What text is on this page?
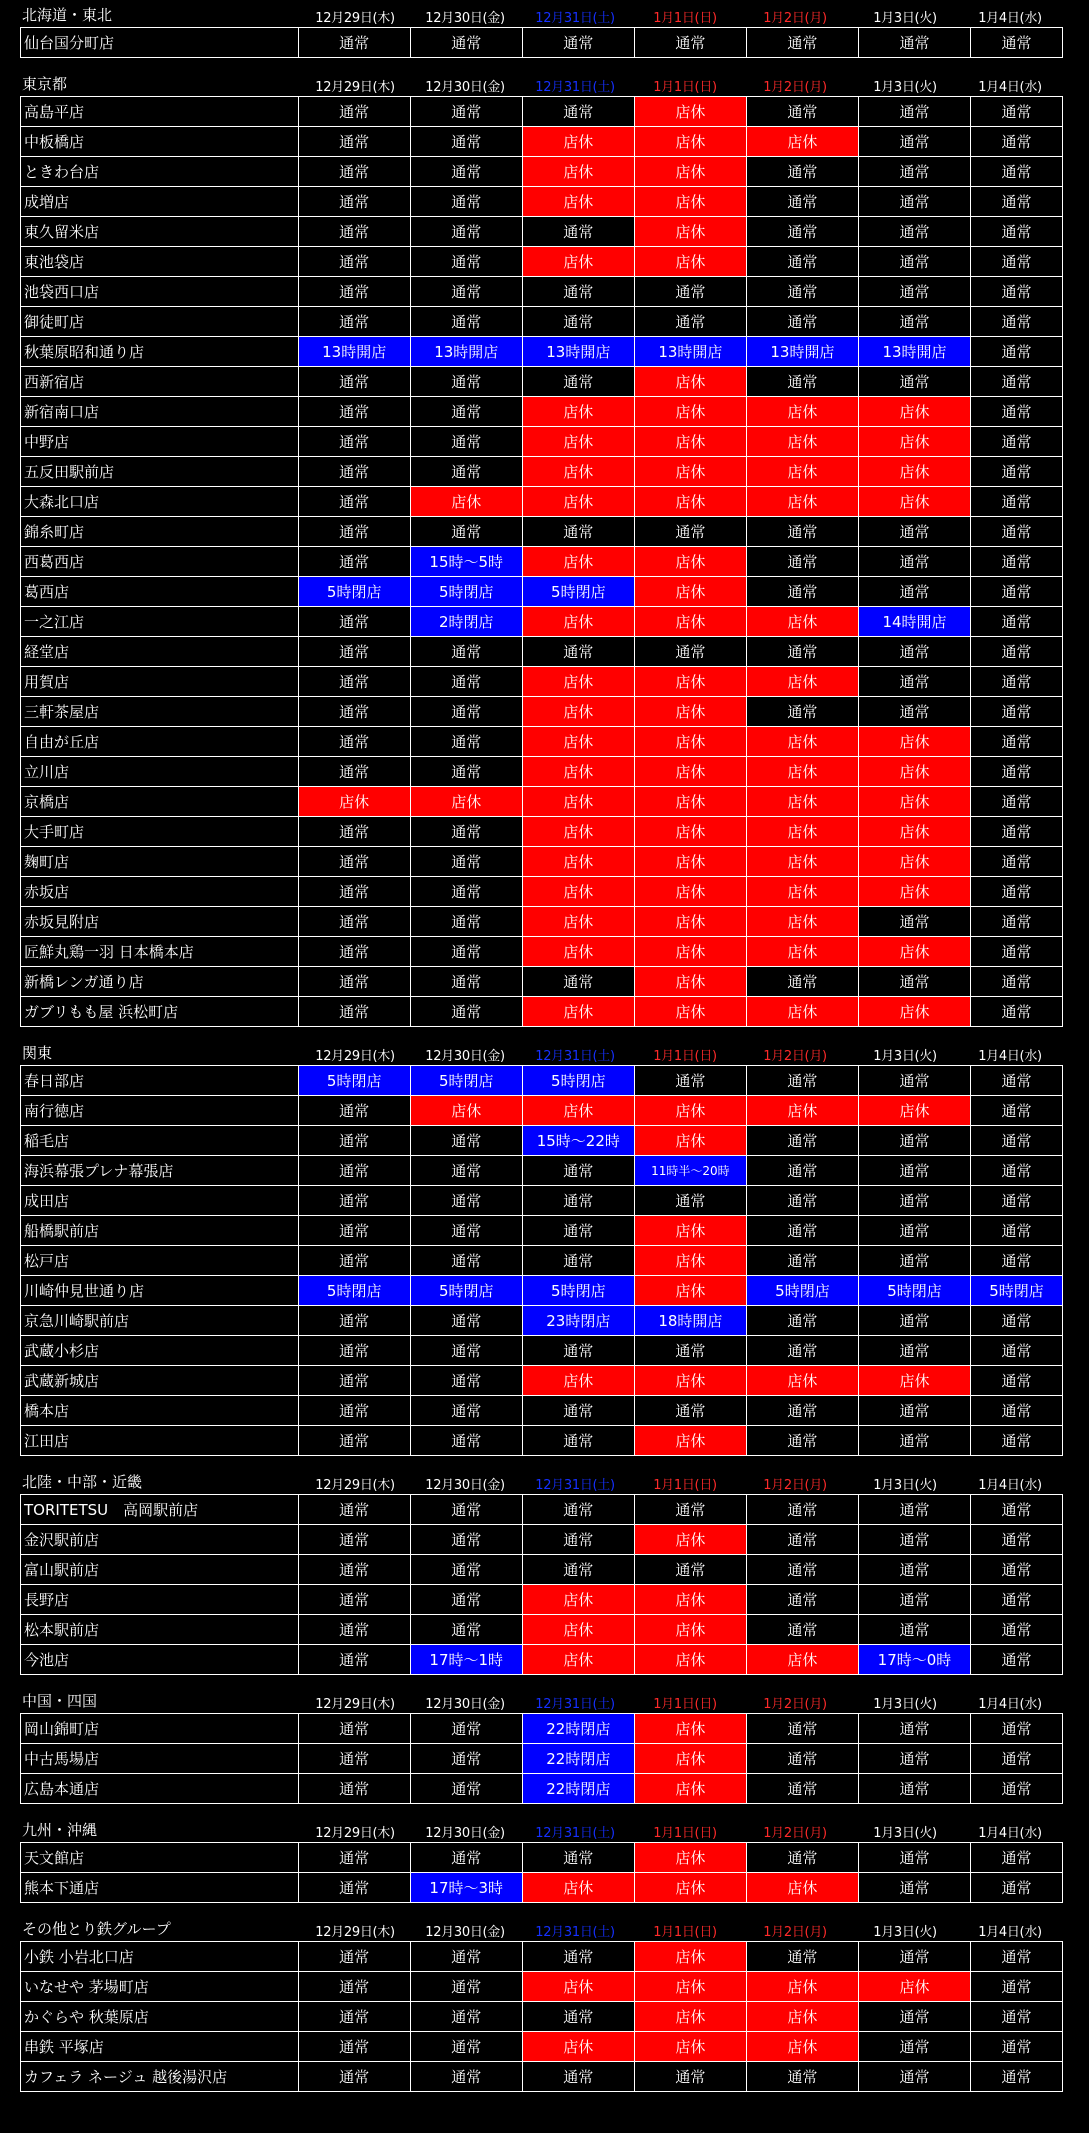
北海道・東北	12月29日(木)	12月30日(金)	12月31日(土)	1月1日(日)	1月2日(月)	1月3日(火)	1月4日(水)
仙台国分町店	通常	通常	通常	通常	通常	通常	通常
東京都	12月29日(木)	12月30日(金)	12月31日(土)	1月1日(日)	1月2日(月)	1月3日(火)	1月4日(水)
高島平店	通常	通常	通常	店休	通常	通常	通常
中板橋店	通常	通常	店休	店休	店休	通常	通常
ときわ台店	通常	通常	店休	店休	通常	通常	通常
成増店	通常	通常	店休	店休	通常	通常	通常
東久留米店	通常	通常	通常	店休	通常	通常	通常
東池袋店	通常	通常	店休	店休	通常	通常	通常
池袋西口店	通常	通常	通常	通常	通常	通常	通常
御徒町店	通常	通常	通常	通常	通常	通常	通常
秋葉原昭和通り店	13時開店	13時開店	13時開店	13時開店	13時開店	13時開店	通常
西新宿店	通常	通常	通常	店休	通常	通常	通常
新宿南口店	通常	通常	店休	店休	店休	店休	通常
中野店	通常	通常	店休	店休	店休	店休	通常
五反田駅前店	通常	通常	店休	店休	店休	店休	通常
大森北口店	通常	店休	店休	店休	店休	店休	通常
錦糸町店	通常	通常	通常	通常	通常	通常	通常
西葛西店	通常	15時～5時	店休	店休	通常	通常	通常
葛西店	5時閉店	5時閉店	5時閉店	店休	通常	通常	通常
一之江店	通常	2時閉店	店休	店休	店休	14時開店	通常
経堂店	通常	通常	通常	通常	通常	通常	通常
用賀店	通常	通常	店休	店休	店休	通常	通常
三軒茶屋店	通常	通常	店休	店休	通常	通常	通常
自由が丘店	通常	通常	店休	店休	店休	店休	通常
立川店	通常	通常	店休	店休	店休	店休	通常
京橋店	店休	店休	店休	店休	店休	店休	通常
大手町店	通常	通常	店休	店休	店休	店休	通常
麹町店	通常	通常	店休	店休	店休	店休	通常
赤坂店	通常	通常	店休	店休	店休	店休	通常
赤坂見附店	通常	通常	店休	店休	店休	通常	通常
匠鮮丸鶏一羽 日本橋本店	通常	通常	店休	店休	店休	店休	通常
新橋レンガ通り店	通常	通常	通常	店休	通常	通常	通常
ガブリもも屋 浜松町店	通常	通常	店休	店休	店休	店休	通常
関東	12月29日(木)	12月30日(金)	12月31日(土)	1月1日(日)	1月2日(月)	1月3日(火)	1月4日(水)
春日部店	5時閉店	5時閉店	5時閉店	通常	通常	通常	通常
南行徳店	通常	店休	店休	店休	店休	店休	通常
稲毛店	通常	通常	15時～22時	店休	通常	通常	通常
海浜幕張プレナ幕張店	通常	通常	通常	11時半～20時	通常	通常	通常
成田店	通常	通常	通常	通常	通常	通常	通常
船橋駅前店	通常	通常	通常	店休	通常	通常	通常
松戸店	通常	通常	通常	店休	通常	通常	通常
川崎仲見世通り店	5時閉店	5時閉店	5時閉店	店休	5時閉店	5時閉店	5時閉店
京急川崎駅前店	通常	通常	23時閉店	18時開店	通常	通常	通常
武蔵小杉店	通常	通常	通常	通常	通常	通常	通常
武蔵新城店	通常	通常	店休	店休	店休	店休	通常
橋本店	通常	通常	通常	通常	通常	通常	通常
江田店	通常	通常	通常	店休	通常	通常	通常
北陸・中部・近畿	12月29日(木)	12月30日(金)	12月31日(土)	1月1日(日)	1月2日(月)	1月3日(火)	1月4日(水)
TORITETSU　高岡駅前店	通常	通常	通常	通常	通常	通常	通常
金沢駅前店	通常	通常	通常	店休	通常	通常	通常
富山駅前店	通常	通常	通常	通常	通常	通常	通常
長野店	通常	通常	店休	店休	通常	通常	通常
松本駅前店	通常	通常	店休	店休	通常	通常	通常
今池店	通常	17時～1時	店休	店休	店休	17時～0時	通常
中国・四国	12月29日(木)	12月30日(金)	12月31日(土)	1月1日(日)	1月2日(月)	1月3日(火)	1月4日(水)
岡山錦町店	通常	通常	22時閉店	店休	通常	通常	通常
中古馬場店	通常	通常	22時閉店	店休	通常	通常	通常
広島本通店	通常	通常	22時閉店	店休	通常	通常	通常
九州・沖縄	12月29日(木)	12月30日(金)	12月31日(土)	1月1日(日)	1月2日(月)	1月3日(火)	1月4日(水)
天文館店	通常	通常	通常	店休	通常	通常	通常
熊本下通店	通常	17時～3時	店休	店休	店休	通常	通常
その他とり鉄グループ	12月29日(木)	12月30日(金)	12月31日(土)	1月1日(日)	1月2日(月)	1月3日(火)	1月4日(水)
小鉄 小岩北口店	通常	通常	通常	店休	通常	通常	通常
いなせや 茅場町店	通常	通常	店休	店休	店休	店休	通常
かぐらや 秋葉原店	通常	通常	通常	店休	店休	通常	通常
串鉄 平塚店	通常	通常	店休	店休	店休	通常	通常
カフェラ ネージュ 越後湯沢店	通常	通常	通常	通常	通常	通常	通常
